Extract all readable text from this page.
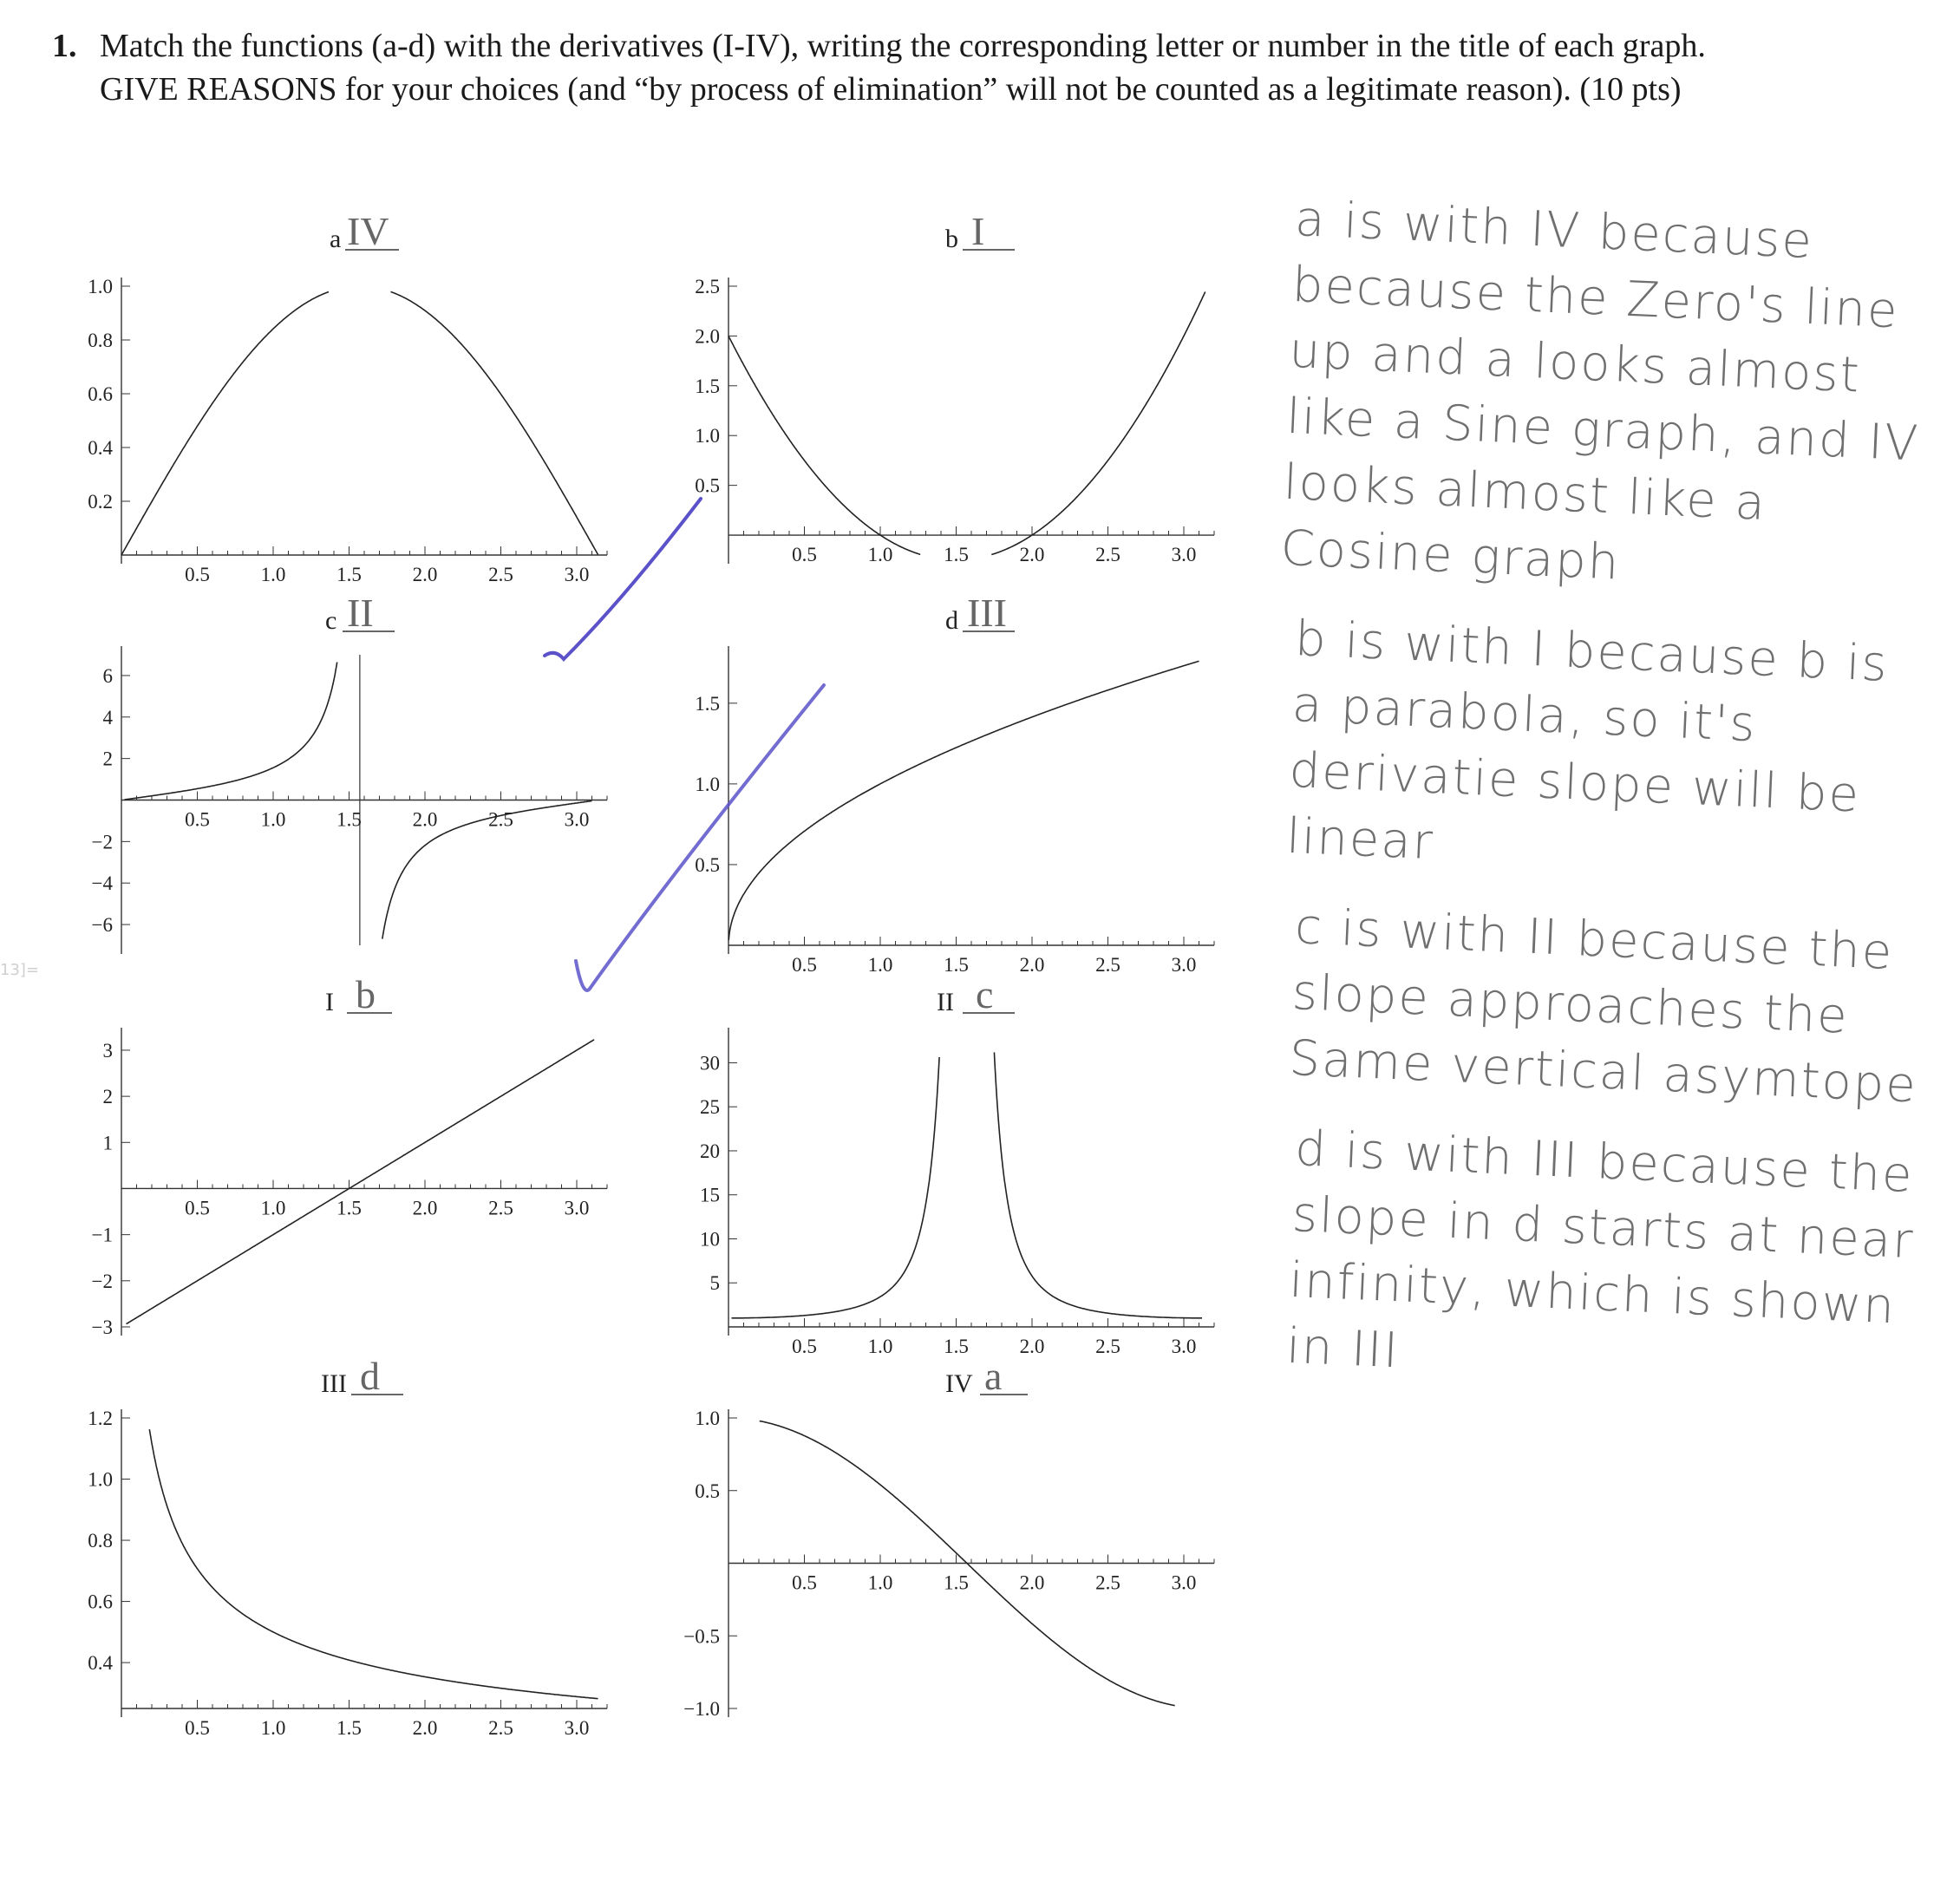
1. Match the functions (a-d) with the derivatives (I-IV), writing the corresponding letter or number in the title of each graph. GIVE REASONS for your choices (and “by process of elimination” will not be counted as a legitimate reason). (10 pts)
13]=
a IV
0.5	1.0	1.5	2.0	2.5	3.0
0.2
0.4
0.6
0.8
1.0
b I
0.5	1.0	1.5	2.0	2.5	3.0
0.5
1.0
1.5
2.0
2.5
c II
0.5	1.0	1.5	2.0	2.5	3.0
−6
−4
−2
2
4
6
d III
0.5	1.0	1.5	2.0	2.5	3.0
0.5
1.0
1.5
I b
0.5	1.0	1.5	2.0	2.5	3.0
−3
−2
−1
1
2
3
II c
0.5	1.0	1.5	2.0	2.5	3.0
5
10
15
20
25
30
III d
0.5	1.0	1.5	2.0	2.5	3.0
0.4
0.6
0.8
1.0
1.2
IV a
0.5	1.0	1.5	2.0	2.5	3.0
−1.0
−0.5
0.5
1.0

a is with IV because because the Zero's line up and a looks almost like a Sine graph, and IV looks almost like a Cosine graph

b is with I because b is a parabola, so it's derivatie slope will be linear

c is with II because the slope approaches the Same vertical asymtope

d is with III because the slope in d starts at near infinity, which is shown in III
